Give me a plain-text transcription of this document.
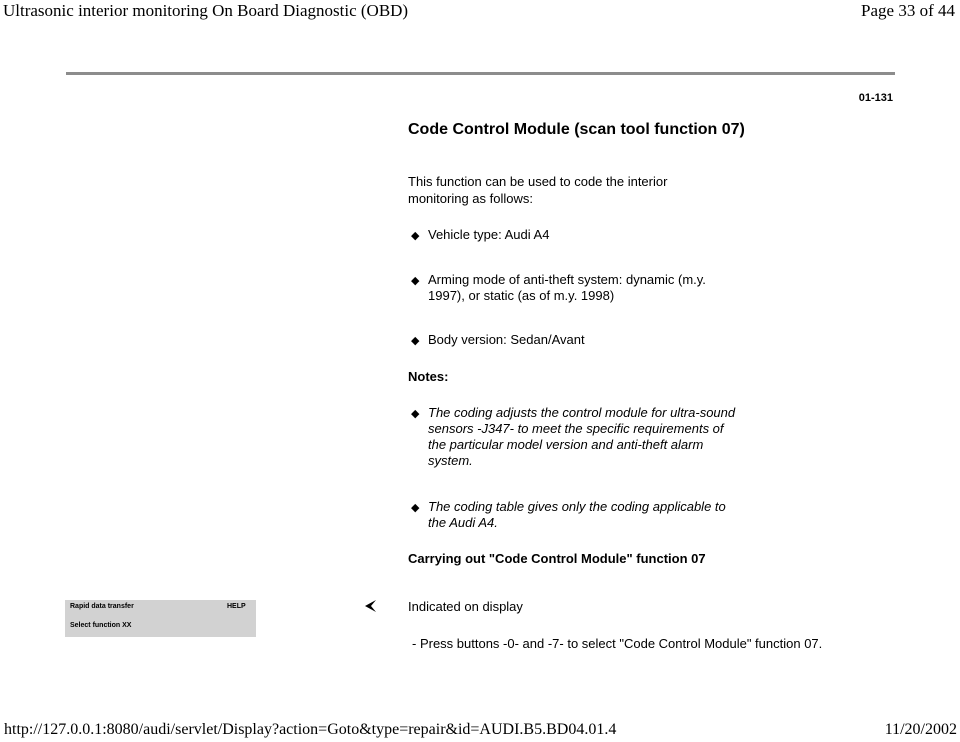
Ultrasonic interior monitoring On Board Diagnostic (OBD)	Page 33 of 44
01-131
Code Control Module (scan tool function 07)
This function can be used to code the interior monitoring as follows:
◆ Vehicle type: Audi A4
◆ Arming mode of anti-theft system: dynamic (m.y. 1997), or static (as of m.y. 1998)
◆ Body version: Sedan/Avant
Notes:
◆ The coding adjusts the control module for ultra-sound sensors -J347- to meet the specific requirements of the particular model version and anti-theft alarm system.
◆ The coding table gives only the coding applicable to the Audi A4.
Carrying out "Code Control Module" function 07
Rapid data transfer	HELP
Select function XX
Indicated on display
- Press buttons -0- and -7- to select "Code Control Module" function 07.
http://127.0.0.1:8080/audi/servlet/Display?action=Goto&type=repair&id=AUDI.B5.BD04.01.4	11/20/2002
